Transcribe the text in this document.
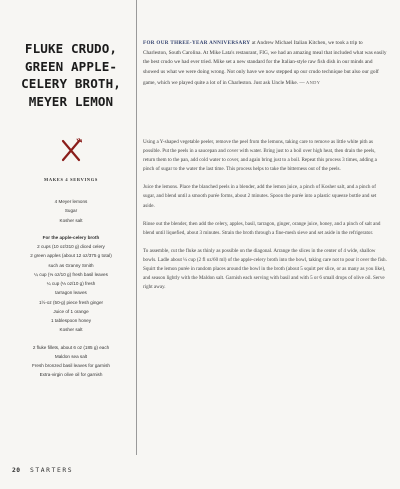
FLUKE CRUDO,
GREEN APPLE-
CELERY BROTH,
MEYER LEMON
MAKES 4 SERVINGS
4 Meyer lemons
Sugar
Kosher salt
For the apple-celery broth
2 cups (10 oz/310 g) diced celery
2 green apples (about 12 oz/375 g total)
such as Granny Smith
¼ cup (⅓ oz/10 g) fresh basil leaves
¼ cup (⅓ oz/10 g) fresh
tarragon leaves
1½-oz (50-g) piece fresh ginger
Juice of 1 orange
1 tablespoon honey
Kosher salt
2 fluke fillets, about 6 oz (185 g) each
Maldon sea salt
Fresh bronzed basil leaves for garnish
Extra-virgin olive oil for garnish
FOR OUR THREE-YEAR ANNIVERSARY at Andrew Michael Italian Kitchen, we took a trip to Charleston, South Carolina. At Mike Lata's restaurant, FIG, we had an amazing meal that included what was easily the best crudo we had ever tried. Mike set a new standard for the Italian-style raw fish dish in our minds and showed us what we were doing wrong. Not only have we now stepped up our crudo technique but also our golf game, which we played quite a lot of in Charleston. Just ask Uncle Mike. — ANDY

Using a Y-shaped vegetable peeler, remove the peel from the lemons, taking care to remove as little white pith as possible. Put the peels in a saucepan and cover with water. Bring just to a boil over high heat, then drain the peels, return them to the pan, add cold water to cover, and again bring just to a boil. Repeat this process 3 times, adding a pinch of sugar to the water the last time. This process helps to take the bitterness out of the peels.

Juice the lemons. Place the blanched peels in a blender, add the lemon juice, a pinch of Kosher salt, and a pinch of sugar, and blend until a smooth purée forms, about 2 minutes. Spoon the purée into a plastic squeeze bottle and set aside.

Rinse out the blender, then add the celery, apples, basil, tarragon, ginger, orange juice, honey, and a pinch of salt and blend until liquefied, about 3 minutes. Strain the broth through a fine-mesh sieve and set aside in the refrigerator.

To assemble, cut the fluke as thinly as possible on the diagonal. Arrange the slices in the center of 4 wide, shallow bowls. Ladle about ¼ cup (2 fl oz/60 ml) of the apple-celery broth into the bowl, taking care not to pour it over the fish. Squirt the lemon purée in random places around the bowl in the broth (about 5 squirt per slice, or as many as you like), and season lightly with the Maldon salt. Garnish each serving with basil and with 5 or 6 small drops of olive oil. Serve right away.

20 STARTERS
